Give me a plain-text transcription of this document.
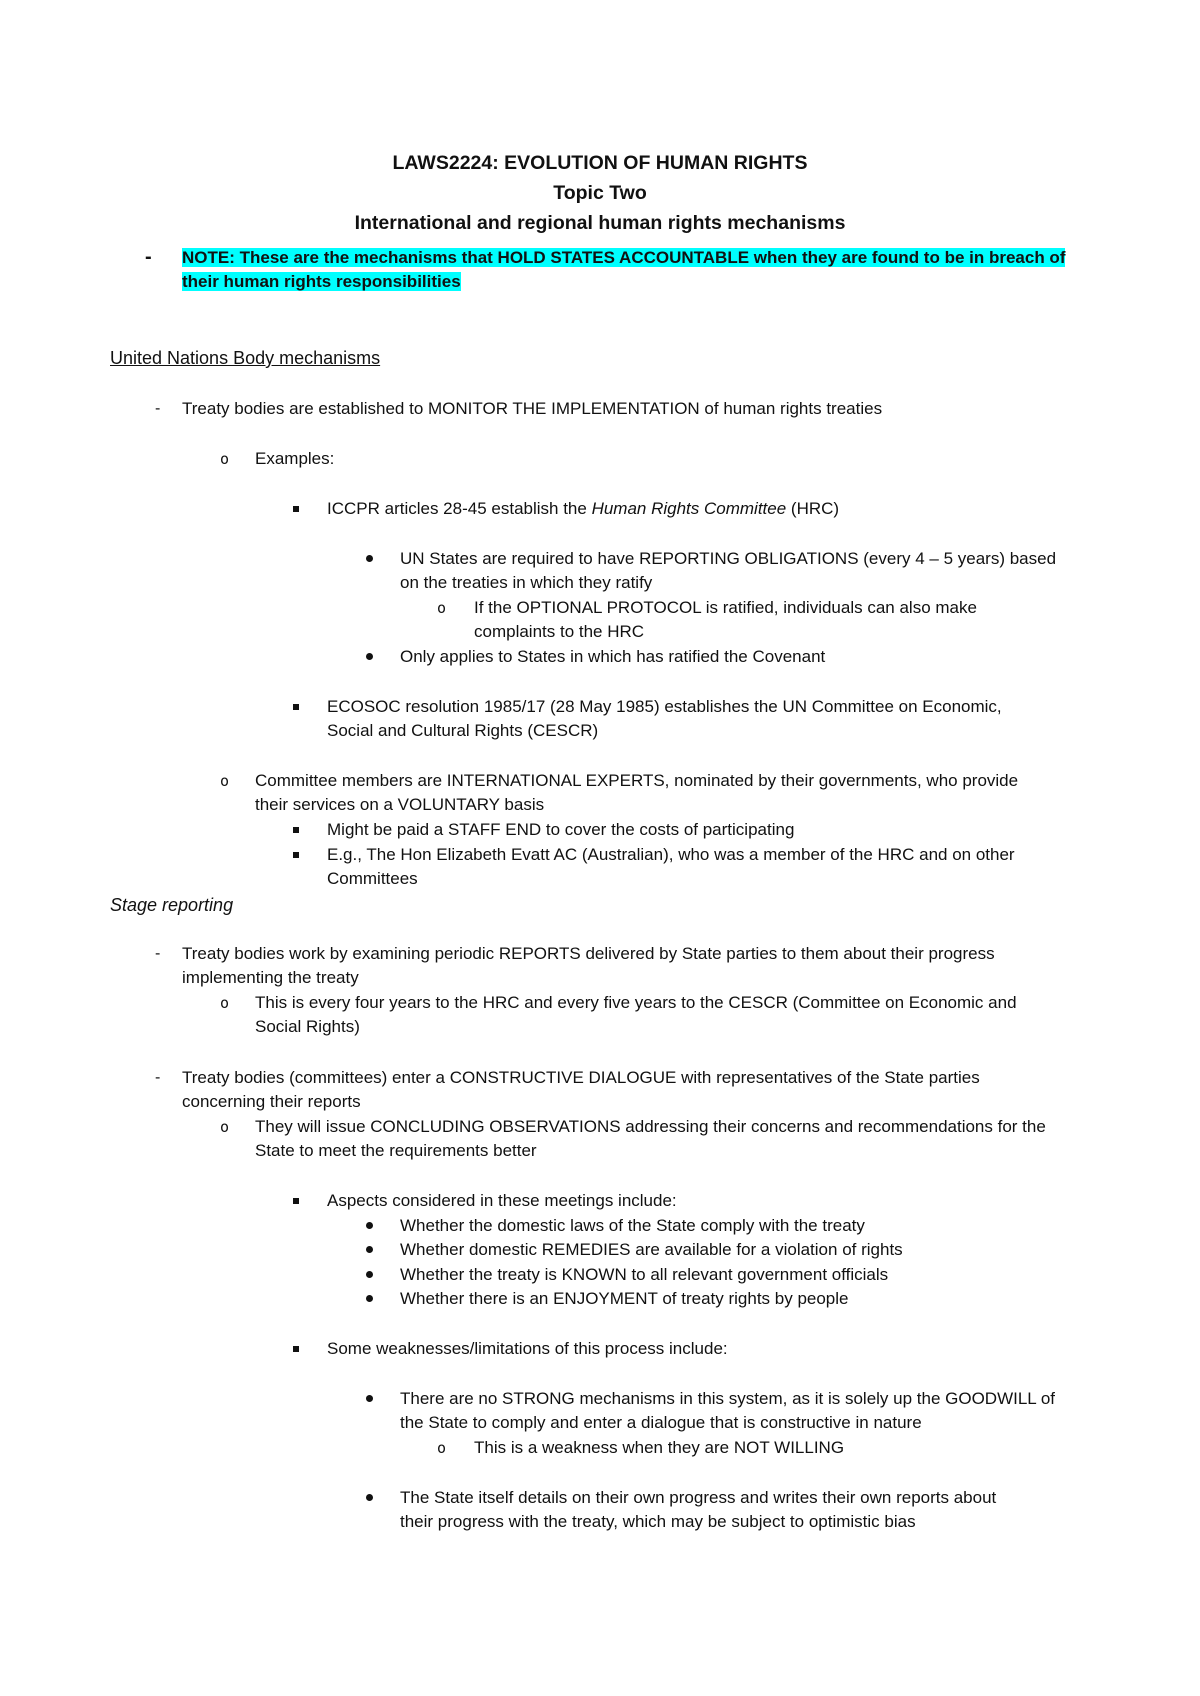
LAWS2224: EVOLUTION OF HUMAN RIGHTS
Topic Two
International and regional human rights mechanisms
- NOTE: These are the mechanisms that HOLD STATES ACCOUNTABLE when they are found to be in breach of
their human rights responsibilities
United Nations Body mechanisms
- Treaty bodies are established to MONITOR THE IMPLEMENTATION of human rights treaties
o Examples:
ICCPR articles 28-45 establish the Human Rights Committee (HRC)
UN States are required to have REPORTING OBLIGATIONS (every 4 – 5 years) based
on the treaties in which they ratify
o If the OPTIONAL PROTOCOL is ratified, individuals can also make
complaints to the HRC
Only applies to States in which has ratified the Covenant
ECOSOC resolution 1985/17 (28 May 1985) establishes the UN Committee on Economic,
Social and Cultural Rights (CESCR)
o Committee members are INTERNATIONAL EXPERTS, nominated by their governments, who provide
their services on a VOLUNTARY basis
Might be paid a STAFF END to cover the costs of participating
E.g., The Hon Elizabeth Evatt AC (Australian), who was a member of the HRC and on other
Committees
Stage reporting
- Treaty bodies work by examining periodic REPORTS delivered by State parties to them about their progress
implementing the treaty
o This is every four years to the HRC and every five years to the CESCR (Committee on Economic and
Social Rights)
- Treaty bodies (committees) enter a CONSTRUCTIVE DIALOGUE with representatives of the State parties
concerning their reports
o They will issue CONCLUDING OBSERVATIONS addressing their concerns and recommendations for the
State to meet the requirements better
Aspects considered in these meetings include:
Whether the domestic laws of the State comply with the treaty
Whether domestic REMEDIES are available for a violation of rights
Whether the treaty is KNOWN to all relevant government officials
Whether there is an ENJOYMENT of treaty rights by people
Some weaknesses/limitations of this process include:
There are no STRONG mechanisms in this system, as it is solely up the GOODWILL of
the State to comply and enter a dialogue that is constructive in nature
o This is a weakness when they are NOT WILLING
The State itself details on their own progress and writes their own reports about
their progress with the treaty, which may be subject to optimistic bias
